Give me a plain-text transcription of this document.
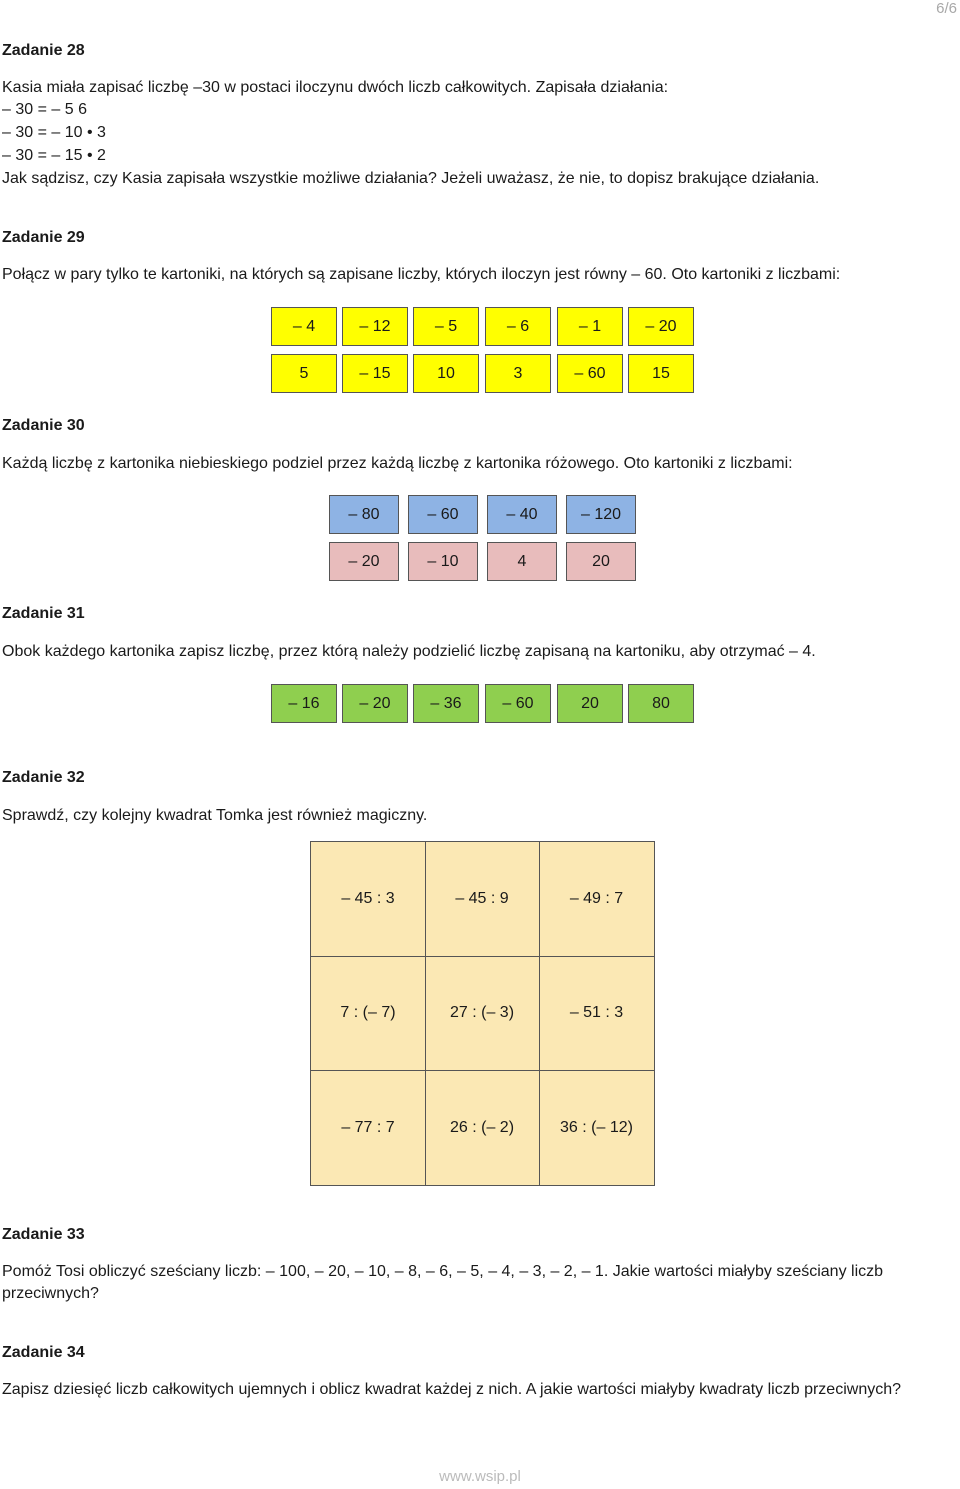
6/6
Zadanie 28
Kasia miała zapisać liczbę –30 w postaci iloczynu dwóch liczb całkowitych. Zapisała działania:
– 30 = – 5 6
– 30 = – 10 • 3
– 30 = – 15 • 2
Jak sądzisz, czy Kasia zapisała wszystkie możliwe działania? Jeżeli uważasz, że nie, to dopisz brakujące działania.
Zadanie 29
Połącz w pary tylko te kartoniki, na których są zapisane liczby, których iloczyn jest równy – 60. Oto kartoniki z liczbami:
– 4	– 12	– 5	– 6	– 1	– 20
5	– 15	10	3	– 60	15
Zadanie 30
Każdą liczbę z kartonika niebieskiego podziel przez każdą liczbę z kartonika różowego. Oto kartoniki z liczbami:
– 80	– 60	– 40	– 120
– 20	– 10	4	20
Zadanie 31
Obok każdego kartonika zapisz liczbę, przez którą należy podzielić liczbę zapisaną na kartoniku, aby otrzymać – 4.
– 16	– 20	– 36	– 60	20	80
Zadanie 32
Sprawdź, czy kolejny kwadrat Tomka jest również magiczny.
– 45 : 3	– 45 : 9	– 49 : 7
7 : (– 7)	27 : (– 3)	– 51 : 3
– 77 : 7	26 : (– 2)	36 : (– 12)
Zadanie 33
Pomóż Tosi obliczyć sześciany liczb: – 100, – 20, – 10, – 8, – 6, – 5, – 4, – 3, – 2, – 1. Jakie wartości miałyby sześciany liczb
przeciwnych?
Zadanie 34
Zapisz dziesięć liczb całkowitych ujemnych i oblicz kwadrat każdej z nich. A jakie wartości miałyby kwadraty liczb przeciwnych?
www.wsip.pl
